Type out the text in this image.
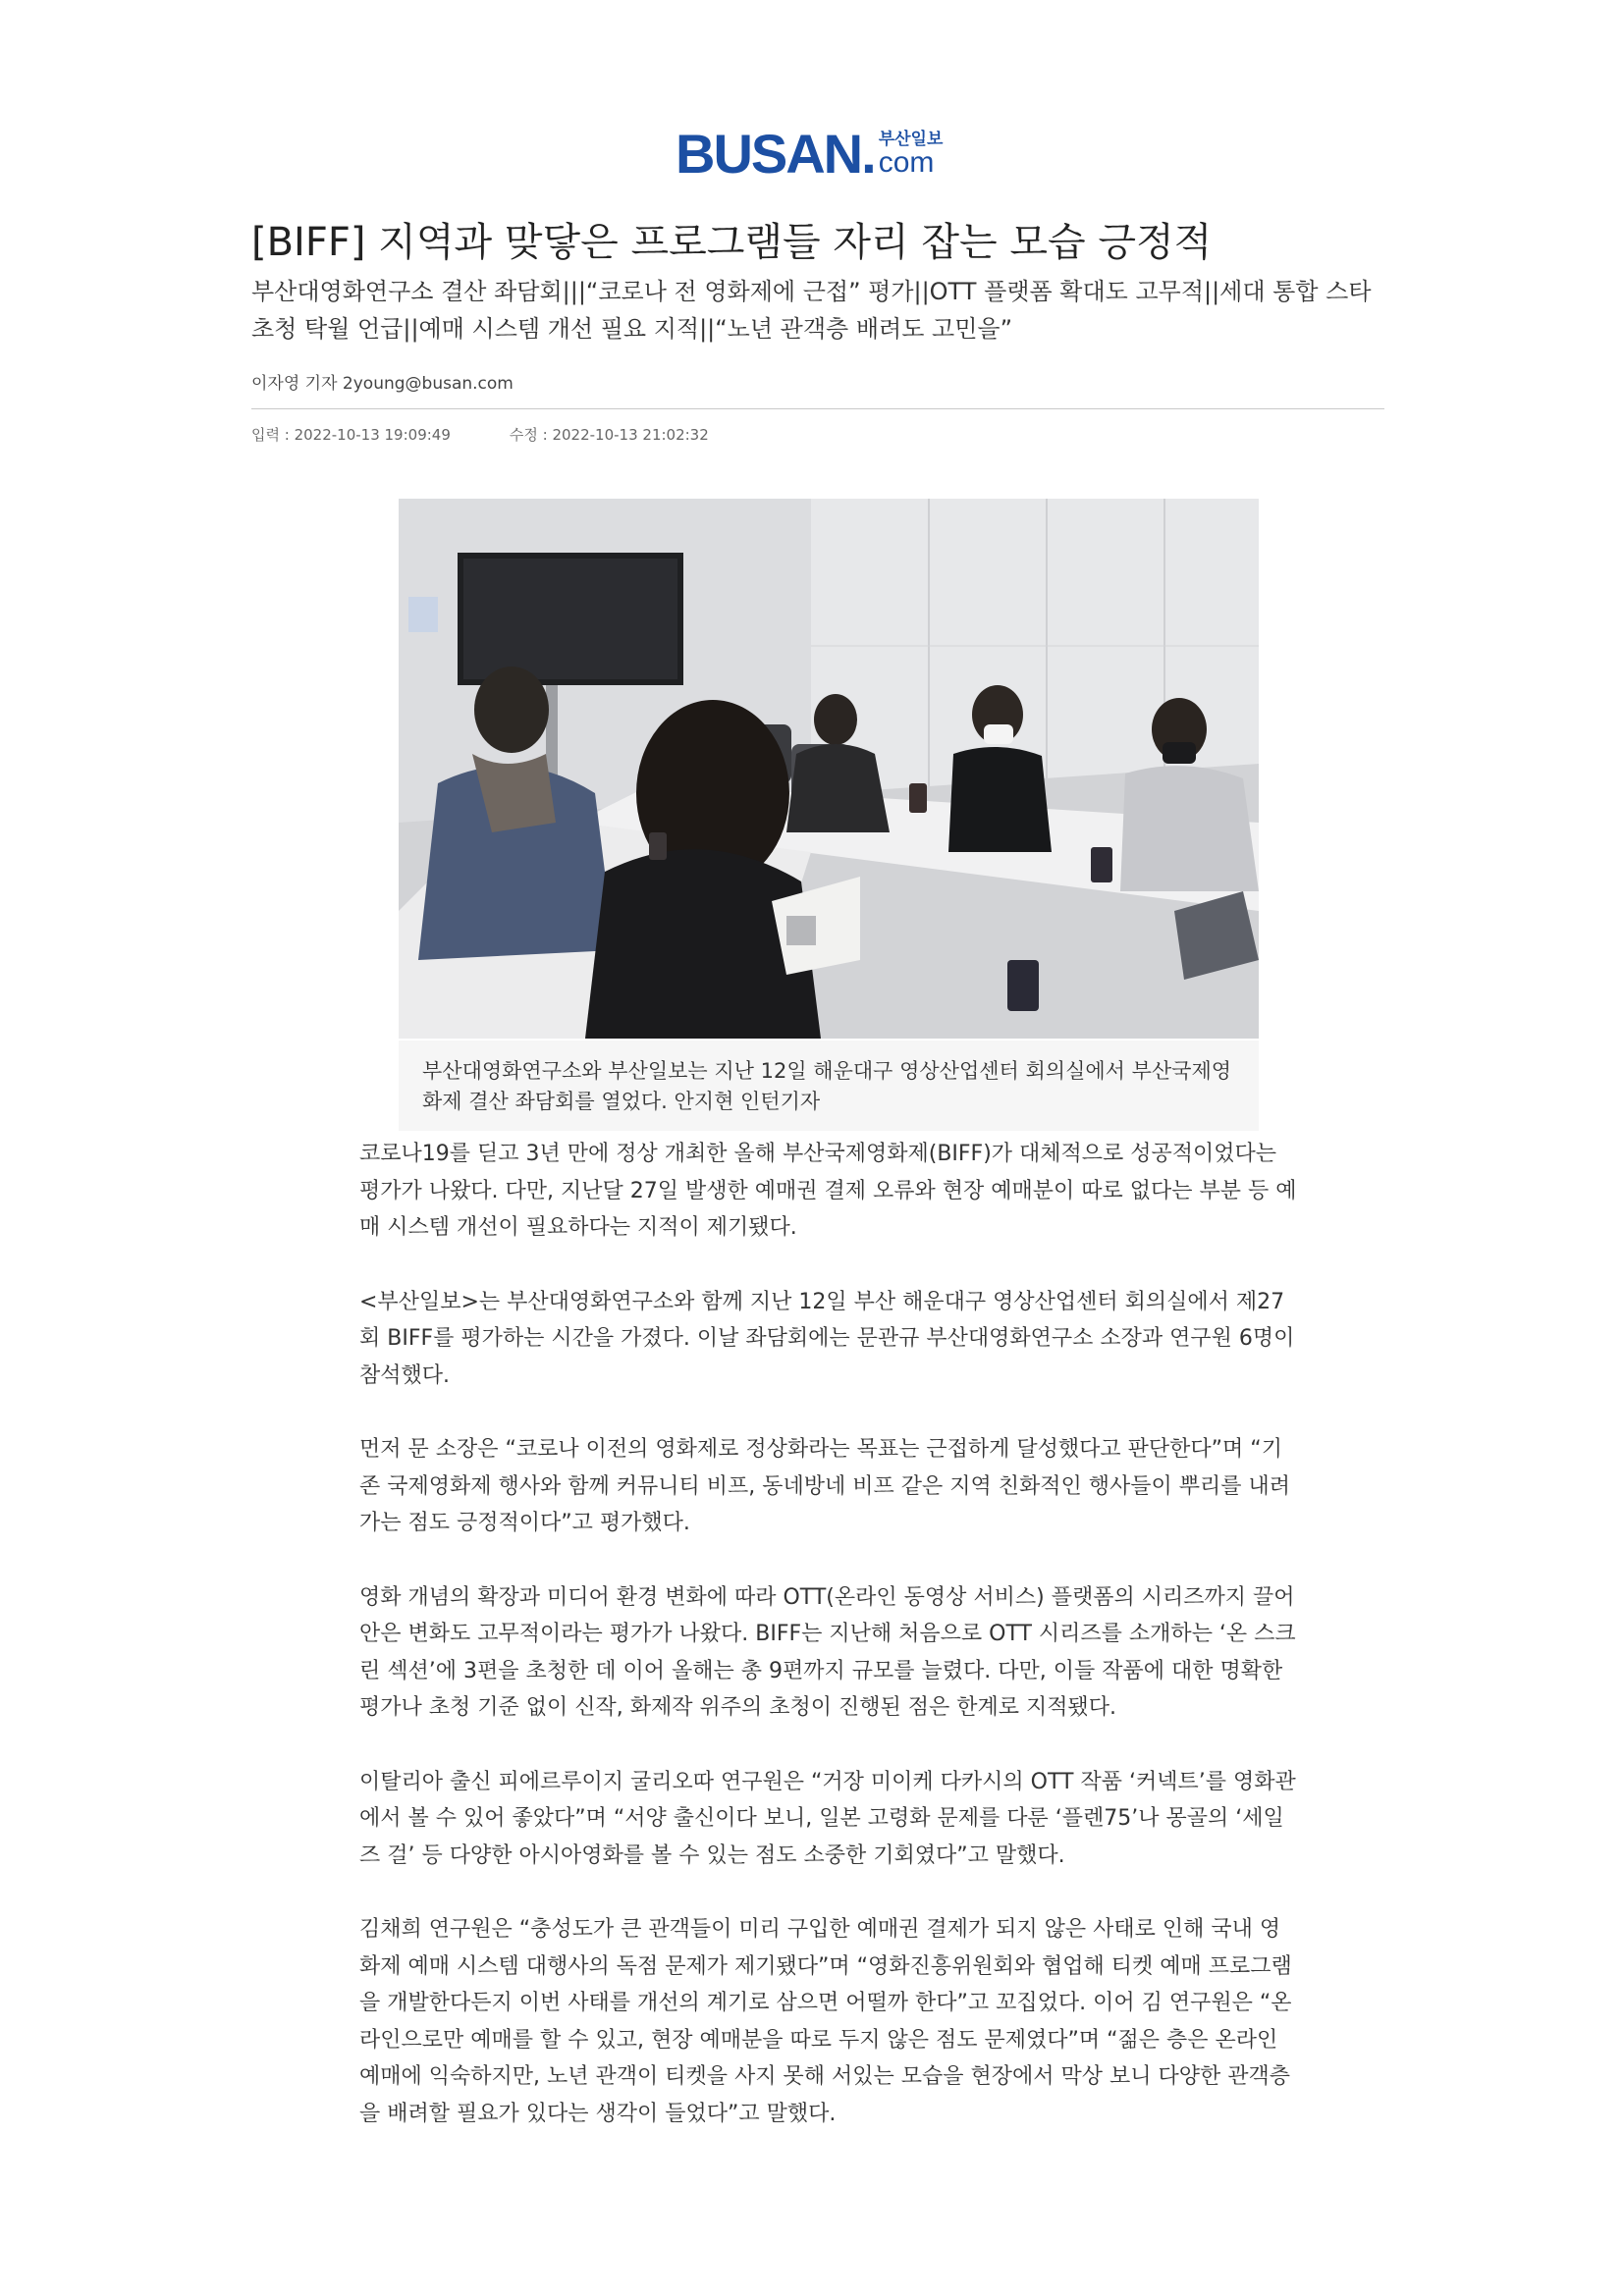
BUSAN . 부산일보
com
[BIFF] 지역과 맞닿은 프로그램들 자리 잡는 모습 긍정적

부산대영화연구소 결산 좌담회|||“코로나 전 영화제에 근접” 평가||OTT 플랫폼 확대도 고무적||세대 통합 스타초청 탁월 언급||예매 시스템 개선 필요 지적||“노년 관객층 배려도 고민을”

이자영 기자 2young@busan.com
입력 : 2022-10-13 19:09:49	수정 : 2022-10-13 21:02:32

부산대영화연구소와 부산일보는 지난 12일 해운대구 영상산업센터 회의실에서 부산국제영화제 결산 좌담회를 열었다. 안지현 인턴기자

코로나19를 딛고 3년 만에 정상 개최한 올해 부산국제영화제(BIFF)가 대체적으로 성공적이었다는 평가가 나왔다. 다만, 지난달 27일 발생한 예매권 결제 오류와 현장 예매분이 따로 없다는 부분 등 예매 시스템 개선이 필요하다는 지적이 제기됐다.

<부산일보>는 부산대영화연구소와 함께 지난 12일 부산 해운대구 영상산업센터 회의실에서 제27회 BIFF를 평가하는 시간을 가졌다. 이날 좌담회에는 문관규 부산대영화연구소 소장과 연구원 6명이 참석했다.

먼저 문 소장은 “코로나 이전의 영화제로 정상화라는 목표는 근접하게 달성했다고 판단한다”며 “기존 국제영화제 행사와 함께 커뮤니티 비프, 동네방네 비프 같은 지역 친화적인 행사들이 뿌리를 내려가는 점도 긍정적이다”고 평가했다.

영화 개념의 확장과 미디어 환경 변화에 따라 OTT(온라인 동영상 서비스) 플랫폼의 시리즈까지 끌어안은 변화도 고무적이라는 평가가 나왔다. BIFF는 지난해 처음으로 OTT 시리즈를 소개하는 ‘온 스크린 섹션’에 3편을 초청한 데 이어 올해는 총 9편까지 규모를 늘렸다. 다만, 이들 작품에 대한 명확한 평가나 초청 기준 없이 신작, 화제작 위주의 초청이 진행된 점은 한계로 지적됐다.

이탈리아 출신 피에르루이지 굴리오따 연구원은 “거장 미이케 다카시의 OTT 작품 ‘커넥트’를 영화관에서 볼 수 있어 좋았다”며 “서양 출신이다 보니, 일본 고령화 문제를 다룬 ‘플렌75’나 몽골의 ‘세일즈 걸’ 등 다양한 아시아영화를 볼 수 있는 점도 소중한 기회였다”고 말했다.

김채희 연구원은 “충성도가 큰 관객들이 미리 구입한 예매권 결제가 되지 않은 사태로 인해 국내 영화제 예매 시스템 대행사의 독점 문제가 제기됐다”며 “영화진흥위원회와 협업해 티켓 예매 프로그램을 개발한다든지 이번 사태를 개선의 계기로 삼으면 어떨까 한다”고 꼬집었다. 이어 김 연구원은 “온라인으로만 예매를 할 수 있고, 현장 예매분을 따로 두지 않은 점도 문제였다”며 “젊은 층은 온라인 예매에 익숙하지만, 노년 관객이 티켓을 사지 못해 서있는 모습을 현장에서 막상 보니 다양한 관객층을 배려할 필요가 있다는 생각이 들었다”고 말했다.
